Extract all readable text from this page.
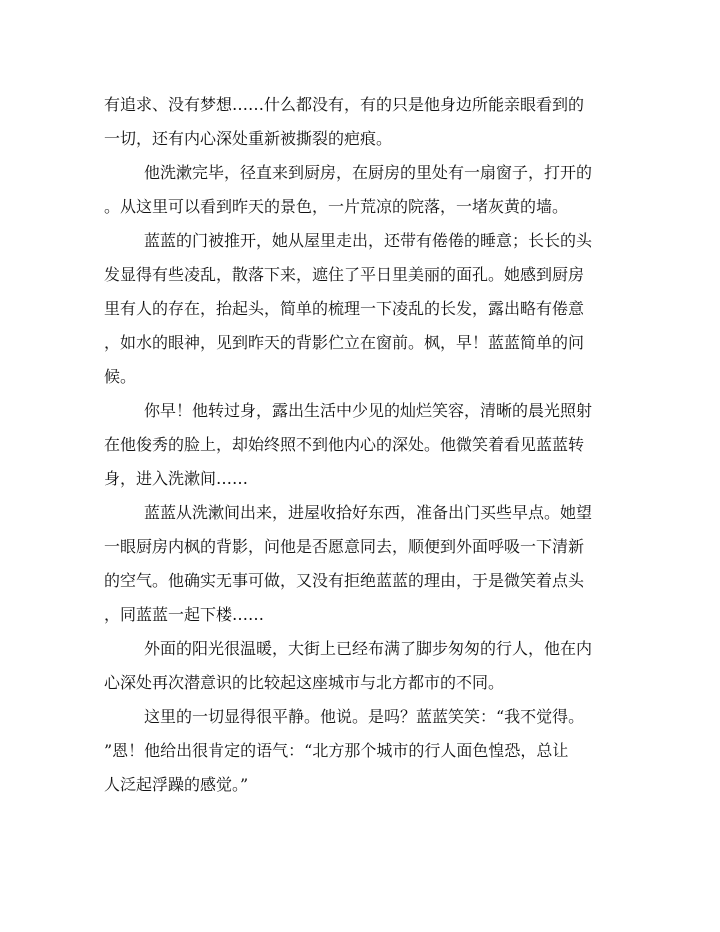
有追求、没有梦想……什么都没有，有的只是他身边所能亲眼看到的
一切，还有内心深处重新被撕裂的疤痕。
他洗漱完毕，径直来到厨房，在厨房的里处有一扇窗子，打开的
。从这里可以看到昨天的景色，一片荒凉的院落，一堵灰黄的墙。
蓝蓝的门被推开，她从屋里走出，还带有倦倦的睡意；长长的头
发显得有些凌乱，散落下来，遮住了平日里美丽的面孔。她感到厨房
里有人的存在，抬起头，简单的梳理一下凌乱的长发，露出略有倦意
，如水的眼神，见到昨天的背影伫立在窗前。枫，早！蓝蓝简单的问
候。
你早！他转过身，露出生活中少见的灿烂笑容，清晰的晨光照射
在他俊秀的脸上，却始终照不到他内心的深处。他微笑着看见蓝蓝转
身，进入洗漱间……
蓝蓝从洗漱间出来，进屋收拾好东西，准备出门买些早点。她望
一眼厨房内枫的背影，问他是否愿意同去，顺便到外面呼吸一下清新
的空气。他确实无事可做，又没有拒绝蓝蓝的理由，于是微笑着点头
，同蓝蓝一起下楼……
外面的阳光很温暖，大街上已经布满了脚步匆匆的行人，他在内
心深处再次潜意识的比较起这座城市与北方都市的不同。
这里的一切显得很平静。他说。是吗？蓝蓝笑笑：“我不觉得。
”恩！他给出很肯定的语气：“北方那个城市的行人面色惶恐，总让
人泛起浮躁的感觉。”
